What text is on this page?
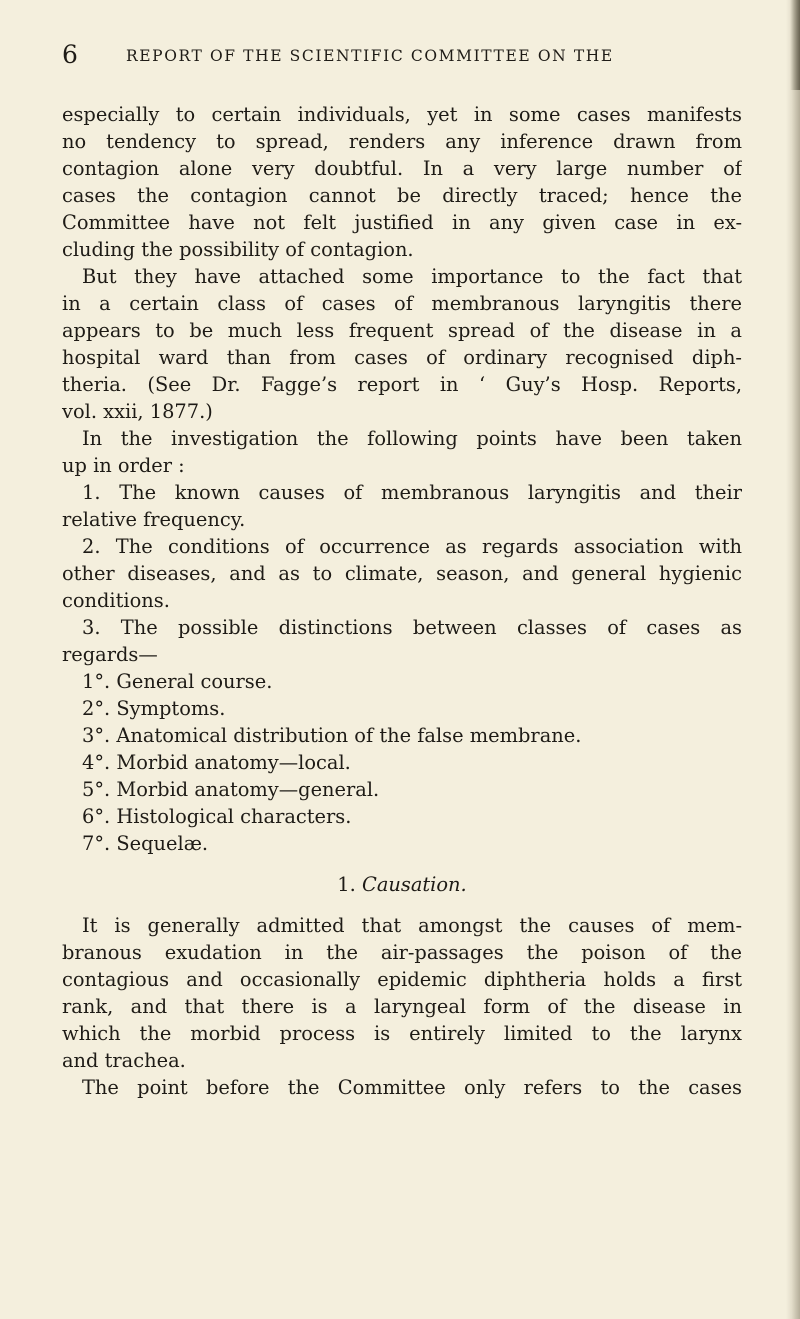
6	REPORT OF THE SCIENTIFIC COMMITTEE ON THE
especially to certain individuals, yet in some cases manifests
no tendency to spread, renders any inference drawn from
contagion alone very doubtful. In a very large number of
cases the contagion cannot be directly traced; hence the
Committee have not felt justified in any given case in ex-
cluding the possibility of contagion.
But they have attached some importance to the fact that
in a certain class of cases of membranous laryngitis there
appears to be much less frequent spread of the disease in a
hospital ward than from cases of ordinary recognised diph-
theria. (See Dr. Fagge’s report in ‘ Guy’s Hosp. Reports,
vol. xxii, 1877.)
In the investigation the following points have been taken
up in order :
1. The known causes of membranous laryngitis and their
relative frequency.
2. The conditions of occurrence as regards association with
other diseases, and as to climate, season, and general hygienic
conditions.
3. The possible distinctions between classes of cases as
regards—
1°. General course.
2°. Symptoms.
3°. Anatomical distribution of the false membrane.
4°. Morbid anatomy—local.
5°. Morbid anatomy—general.
6°. Histological characters.
7°. Sequelæ.
1. Causation.
It is generally admitted that amongst the causes of mem-
branous exudation in the air-passages the poison of the
contagious and occasionally epidemic diphtheria holds a first
rank, and that there is a laryngeal form of the disease in
which the morbid process is entirely limited to the larynx
and trachea.
The point before the Committee only refers to the cases
